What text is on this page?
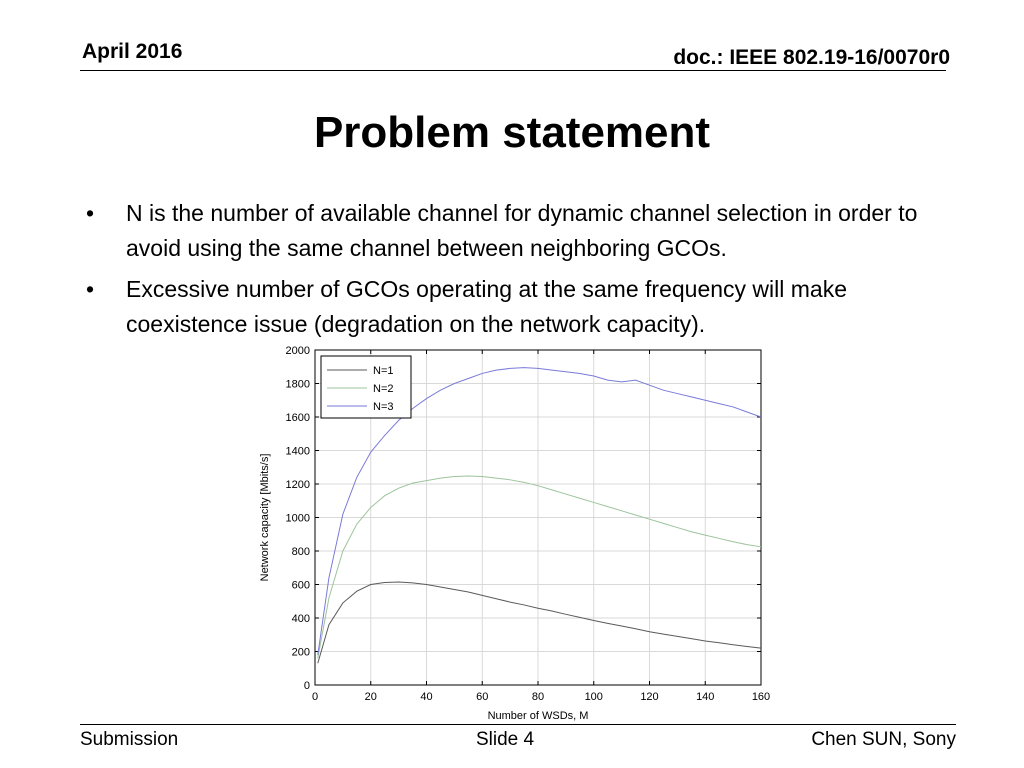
April 2016	doc.: IEEE 802.19-16/0070r0
Problem statement
• N is the number of available channel for dynamic channel selection in order to avoid using the same channel between neighboring GCOs.
• Excessive number of GCOs operating at the same frequency will make coexistence issue (degradation on the network capacity).
0	20	40	60	80	100	120	140	160
0
200
400
600
800
1000
1200
1400
1600
1800
2000
Number of WSDs, M
Network capacity [Mbits/s]
N=1
N=2
N=3
Submission	Slide 4	Chen SUN, Sony
